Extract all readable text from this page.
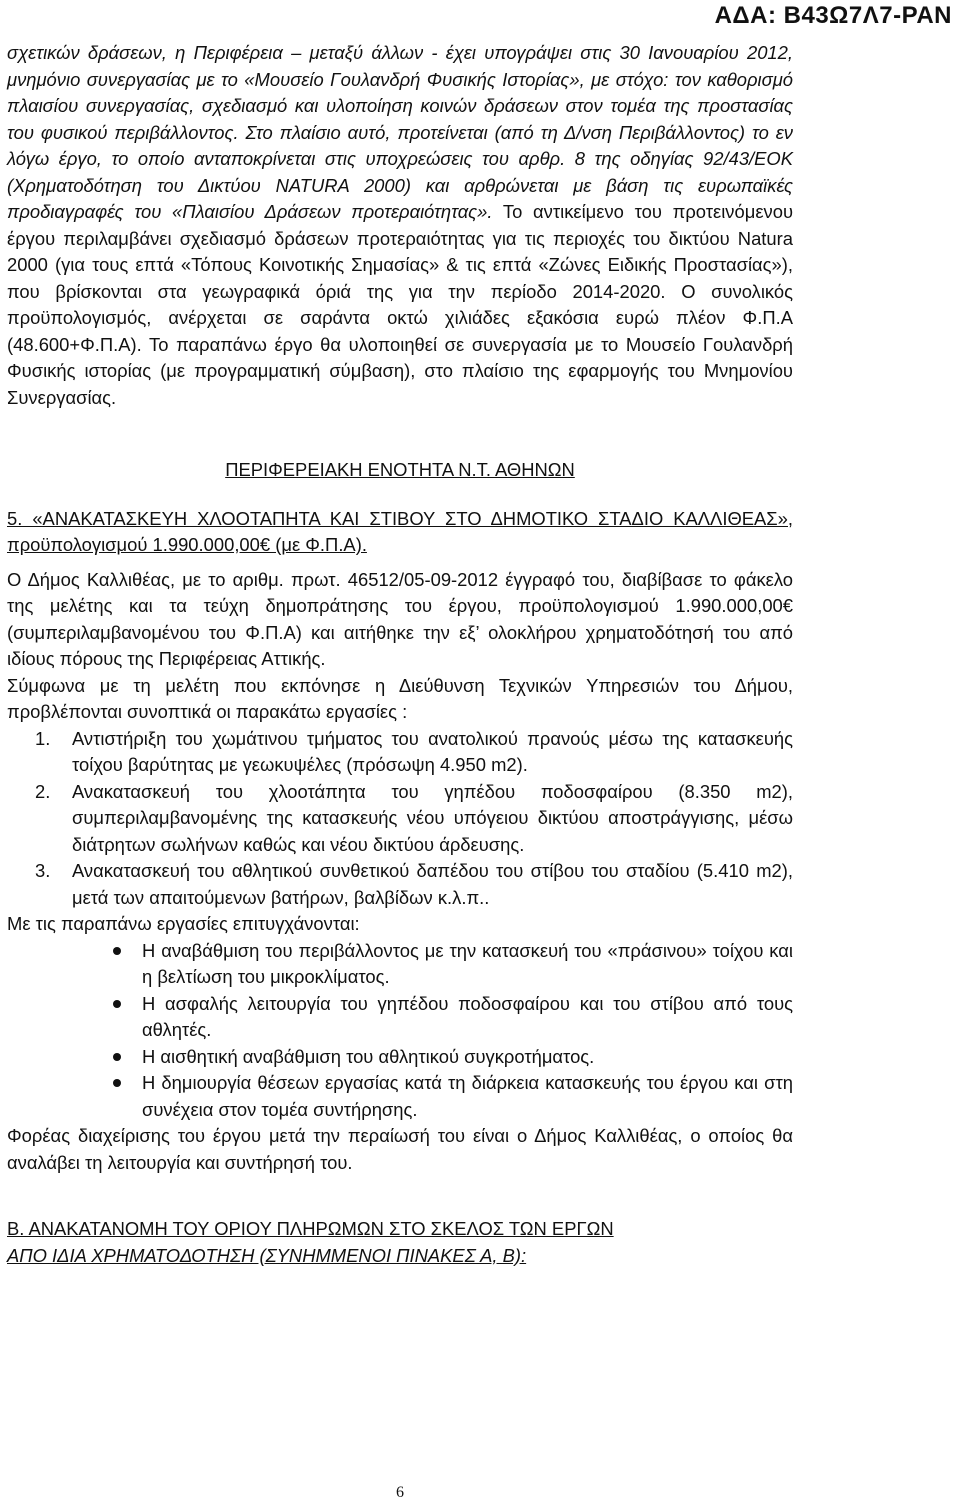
ΑΔΑ: Β43Ω7Λ7-ΡΑΝ

σχετικών δράσεων, η Περιφέρεια – μεταξύ άλλων - έχει υπογράψει στις 30 Ιανουαρίου 2012, μνημόνιο συνεργασίας με το «Μουσείο Γουλανδρή Φυσικής Ιστορίας», με στόχο: τον καθορισμό πλαισίου συνεργασίας, σχεδιασμό και υλοποίηση κοινών δράσεων στον τομέα της προστασίας του φυσικού περιβάλλοντος. Στο πλαίσιο αυτό, προτείνεται (από τη Δ/νση Περιβάλλοντος) το εν λόγω έργο, το οποίο ανταποκρίνεται στις υποχρεώσεις του αρθρ. 8 της οδηγίας 92/43/ΕΟΚ (Χρηματοδότηση του Δικτύου NATURA 2000) και αρθρώνεται με βάση τις ευρωπαϊκές προδιαγραφές του «Πλαισίου Δράσεων προτεραιότητας». Το αντικείμενο του προτεινόμενου έργου περιλαμβάνει σχεδιασμό δράσεων προτεραιότητας για τις περιοχές του δικτύου Natura 2000 (για τους επτά «Τόπους Κοινοτικής Σημασίας» & τις επτά «Ζώνες Ειδικής Προστασίας»), που βρίσκονται στα γεωγραφικά όριά της για την περίοδο 2014-2020. Ο συνολικός προϋπολογισμός, ανέρχεται σε σαράντα οκτώ χιλιάδες εξακόσια ευρώ πλέον Φ.Π.Α (48.600+Φ.Π.Α). Το παραπάνω έργο θα υλοποιηθεί σε συνεργασία με το Μουσείο Γουλανδρή Φυσικής ιστορίας (με προγραμματική σύμβαση), στο πλαίσιο της εφαρμογής του Μνημονίου Συνεργασίας.

ΠΕΡΙΦΕΡΕΙΑΚΗ ΕΝΟΤΗΤΑ Ν.Τ. ΑΘΗΝΩΝ

5. «ΑΝΑΚΑΤΑΣΚΕΥΗ ΧΛΟΟΤΑΠΗΤΑ ΚΑΙ ΣΤΙΒΟΥ ΣΤΟ ΔΗΜΟΤΙΚΟ ΣΤΑΔΙΟ ΚΑΛΛΙΘΕΑΣ», προϋπολογισμού 1.990.000,00€ (με Φ.Π.Α).

Ο Δήμος Καλλιθέας, με το αριθμ. πρωτ. 46512/05-09-2012 έγγραφό του, διαβίβασε το φάκελο της μελέτης και τα τεύχη δημοπράτησης του έργου, προϋπολογισμού 1.990.000,00€ (συμπεριλαμβανομένου του Φ.Π.Α) και αιτήθηκε την εξ’ ολοκλήρου χρηματοδότησή του από ιδίους πόρους της Περιφέρειας Αττικής.

Σύμφωνα με τη μελέτη που εκπόνησε η Διεύθυνση Τεχνικών Υπηρεσιών του Δήμου, προβλέπονται συνοπτικά οι παρακάτω εργασίες :

1. Αντιστήριξη του χωμάτινου τμήματος του ανατολικού πρανούς μέσω της κατασκευής τοίχου βαρύτητας με γεωκυψέλες (πρόσωψη 4.950 m2).
2. Ανακατασκευή του χλοοτάπητα του γηπέδου ποδοσφαίρου (8.350 m2), συμπεριλαμβανομένης της κατασκευής νέου υπόγειου δικτύου αποστράγγισης, μέσω διάτρητων σωλήνων καθώς και νέου δικτύου άρδευσης.
3. Ανακατασκευή του αθλητικού συνθετικού δαπέδου του στίβου του σταδίου (5.410 m2), μετά των απαιτούμενων βατήρων, βαλβίδων κ.λ.π..

Με τις παραπάνω εργασίες επιτυγχάνονται:

Η αναβάθμιση του περιβάλλοντος με την κατασκευή του «πράσινου» τοίχου και η βελτίωση του μικροκλίματος.
Η ασφαλής λειτουργία του γηπέδου ποδοσφαίρου και του στίβου από τους αθλητές.
Η αισθητική αναβάθμιση του αθλητικού συγκροτήματος.
Η δημιουργία θέσεων εργασίας κατά τη διάρκεια κατασκευής του έργου και στη συνέχεια στον τομέα συντήρησης.

Φορέας διαχείρισης του έργου μετά την περαίωσή του είναι ο Δήμος Καλλιθέας, ο οποίος θα αναλάβει τη λειτουργία και συντήρησή του.

Β. ΑΝΑΚΑΤΑΝΟΜΗ ΤΟΥ ΟΡΙΟΥ ΠΛΗΡΩΜΩΝ ΣΤΟ ΣΚΕΛΟΣ ΤΩΝ ΕΡΓΩΝ

ΑΠΟ ΙΔΙΑ ΧΡΗΜΑΤΟΔΟΤΗΣΗ (ΣΥΝΗΜΜΕΝΟΙ ΠΙΝΑΚΕΣ Α, Β):

6
